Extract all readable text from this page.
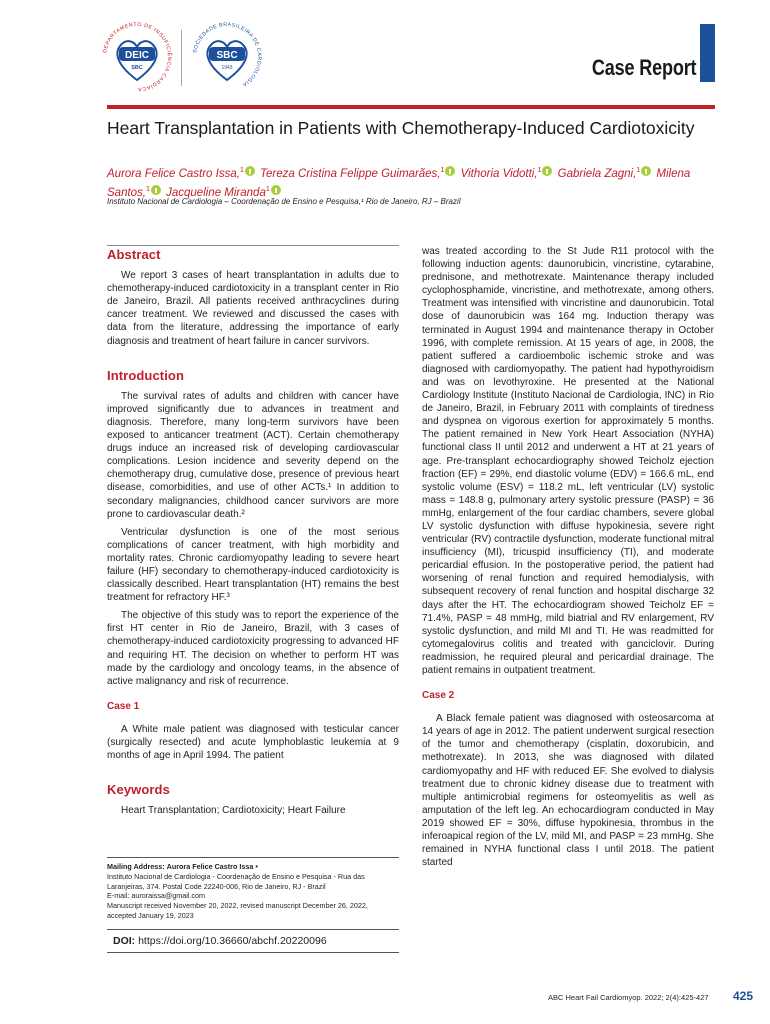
DEPARTAMENTO DE INSUFICIÊNCIA CARDÍACA
DEIC
SBC
SOCIEDADE BRASILEIRA DE CARDIOLOGIA
SBC
1943	Case Report
Heart Transplantation in Patients with Chemotherapy-Induced Cardiotoxicity
Aurora Felice Castro Issa,$^1$ Tereza Cristina Felippe Guimarães,$^1$ Vithoria Vidotti,$^1$ Gabriela Zagni,$^1$ Milena Santos,$^1$ Jacqueline Miranda$^1$
Instituto Nacional de Cardiologia – Coordenação de Ensino e Pesquisa,¹ Rio de Janeiro, RJ – Brazil
Abstract

We report 3 cases of heart transplantation in adults due to chemotherapy-induced cardiotoxicity in a transplant center in Rio de Janeiro, Brazil. All patients received anthracyclines during cancer treatment. We reviewed and discussed the cases with data from the literature, addressing the importance of early diagnosis and treatment of heart failure in cancer survivors.

Introduction

The survival rates of adults and children with cancer have improved significantly due to advances in treatment and diagnosis. Therefore, many long-term survivors have been exposed to anticancer treatment (ACT). Certain chemotherapy drugs induce an increased risk of developing cardiovascular complications. Lesion incidence and severity depend on the chemotherapy drug, cumulative dose, presence of previous heart disease, comorbidities, and use of other ACTs.¹ In addition to secondary malignancies, childhood cancer survivors are more prone to cardiovascular death.²

Ventricular dysfunction is one of the most serious complications of cancer treatment, with high morbidity and mortality rates. Chronic cardiomyopathy leading to severe heart failure (HF) secondary to chemotherapy-induced cardiotoxicity is classically described. Heart transplantation (HT) remains the best treatment for refractory HF.³

The objective of this study was to report the experience of the first HT center in Rio de Janeiro, Brazil, with 3 cases of chemotherapy-induced cardiotoxicity progressing to advanced HF and requiring HT. The decision on whether to perform HT was made by the cardiology and oncology teams, in the absence of active malignancy and risk of recurrence.

Case 1

A White male patient was diagnosed with testicular cancer (surgically resected) and acute lymphoblastic leukemia at 9 months of age in April 1994. The patient

Keywords

Heart Transplantation; Cardiotoxicity; Heart Failure

Mailing Address: Aurora Felice Castro Issa •
Instituto Nacional de Cardiologia - Coordenação de Ensino e Pesquisa - Rua das Laranjeiras, 374. Postal Code 22240-006, Rio de Janeiro, RJ - Brazil
E-mail: auroraissa@gmail.com
Manuscript received November 20, 2022, revised manuscript December 26, 2022, accepted January 19, 2023
DOI: https://doi.org/10.36660/abchf.20220096

was treated according to the St Jude R11 protocol with the following induction agents: daunorubicin, vincristine, cytarabine, prednisone, and methotrexate. Maintenance therapy included cyclophosphamide, vincristine, and methotrexate, among others. Treatment was intensified with vincristine and daunorubicin. Total dose of daunorubicin was 164 mg. Induction therapy was terminated in August 1994 and maintenance therapy in October 1996, with complete remission. At 15 years of age, in 2008, the patient suffered a cardioembolic ischemic stroke and was diagnosed with cardiomyopathy. The patient had hypothyroidism and was on levothyroxine. He presented at the National Cardiology Institute (Instituto Nacional de Cardiologia, INC) in Rio de Janeiro, Brazil, in February 2011 with complaints of tiredness and dyspnea on vigorous exertion for approximately 5 months. The patient remained in New York Heart Association (NYHA) functional class II until 2012 and underwent a HT at 21 years of age. Pre-transplant echocardiography showed Teicholz ejection fraction (EF) = 29%, end diastolic volume (EDV) = 166.6 mL, end systolic volume (ESV) = 118.2 mL, left ventricular (LV) systolic mass = 148.8 g, pulmonary artery systolic pressure (PASP) = 36 mmHg, enlargement of the four cardiac chambers, severe global LV systolic dysfunction with diffuse hypokinesia, severe right ventricular (RV) contractile dysfunction, moderate functional mitral insufficiency (MI), tricuspid insufficiency (TI), and moderate pericardial effusion. In the postoperative period, the patient had worsening of renal function and required hemodialysis, with subsequent recovery of renal function and hospital discharge 32 days after the HT. The echocardiogram showed Teicholz EF = 71.4%, PASP = 48 mmHg, mild biatrial and RV enlargement, RV systolic dysfunction, and mild MI and TI. He was readmitted for cytomegalovirus colitis and treated with ganciclovir. During readmission, he required pleural and pericardial drainage. The patient remains in outpatient treatment.

Case 2

A Black female patient was diagnosed with osteosarcoma at 14 years of age in 2012. The patient underwent surgical resection of the tumor and chemotherapy (cisplatin, doxorubicin, and methotrexate). In 2013, she was diagnosed with dilated cardiomyopathy and HF with reduced EF. She evolved to dialysis treatment due to chronic kidney disease due to treatment with multiple antimicrobial regimens for osteomyelitis as well as amputation of the left leg. An echocardiogram conducted in May 2019 showed EF = 30%, diffuse hypokinesia, thrombus in the inferoapical region of the LV, mild MI, and PASP = 23 mmHg. She remained in NYHA functional class I until 2018. The patient started

ABC Heart Fail Cardiomyop. 2022; 2(4):425-427 425
